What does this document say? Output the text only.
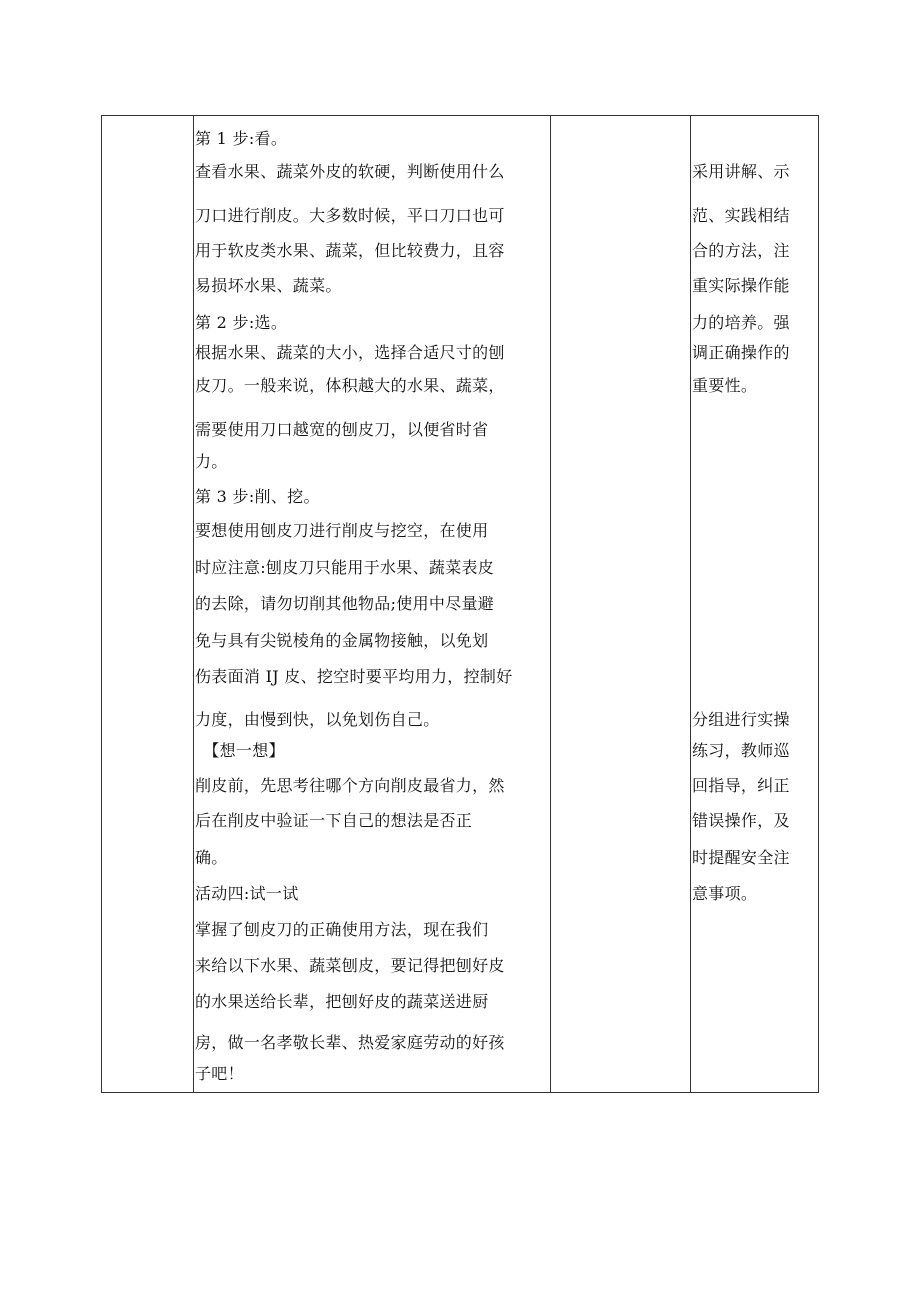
第 1 步:看。
查看水果、蔬菜外皮的软硬，判断使用什么
刀口进行削皮。大多数时候，平口刀口也可
用于软皮类水果、蔬菜，但比较费力，且容
易损坏水果、蔬菜。
第 2 步:选。
根据水果、蔬菜的大小，选择合适尺寸的刨
皮刀。一般来说，体积越大的水果、蔬菜，
需要使用刀口越宽的刨皮刀，以便省时省
力。
第 3 步:削、挖。
要想使用刨皮刀进行削皮与挖空，在使用
时应注意:刨皮刀只能用于水果、蔬菜表皮
的去除，请勿切削其他物品;使用中尽量避
免与具有尖锐棱角的金属物接触，以免划
伤表面消 IJ 皮、挖空时要平均用力，控制好
力度，由慢到快，以免划伤自己。
　【想一想】
削皮前，先思考往哪个方向削皮最省力，然
后在削皮中验证一下自己的想法是否正
确。
活动四:试一试
掌握了刨皮刀的正确使用方法，现在我们
来给以下水果、蔬菜刨皮，要记得把刨好皮
的水果送给长辈，把刨好皮的蔬菜送进厨
房，做一名孝敬长辈、热爱家庭劳动的好孩
子吧！
采用讲解、示
范、实践相结
合的方法，注
重实际操作能
力的培养。强
调正确操作的
重要性。
分组进行实操
练习，教师巡
回指导，纠正
错误操作，及
时提醒安全注
意事项。
